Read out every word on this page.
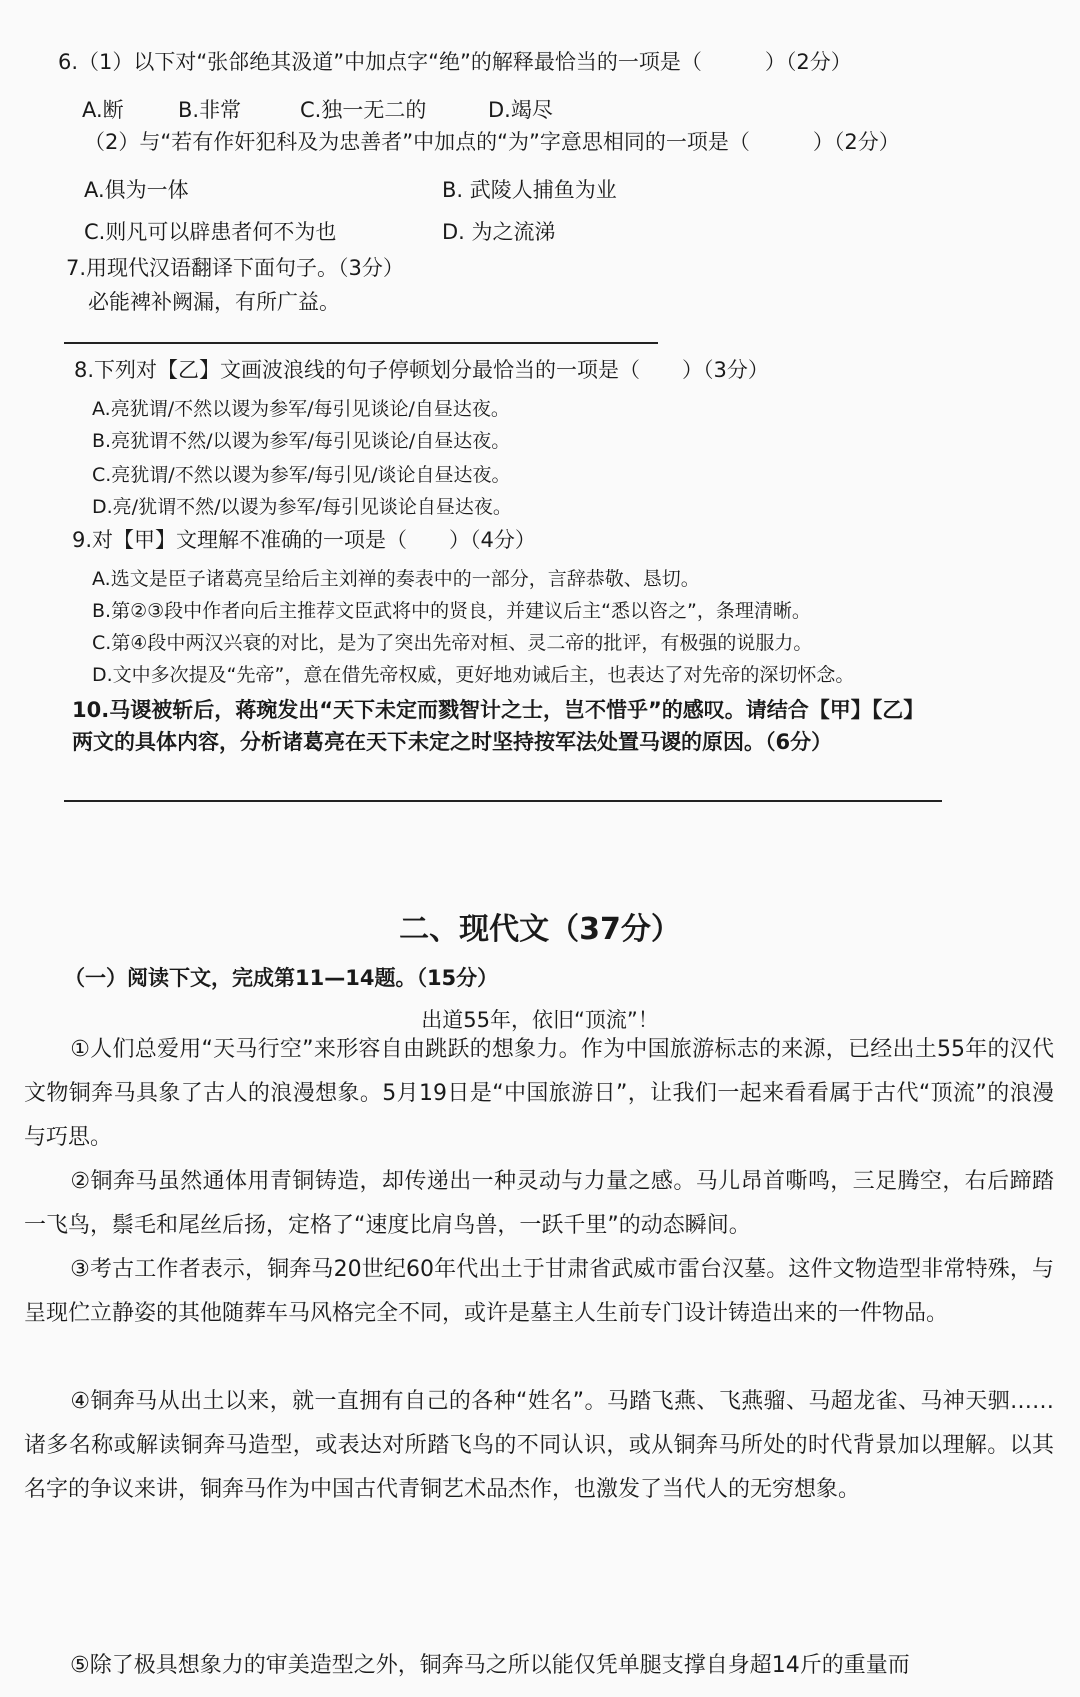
6.（1）以下对“张郃绝其汲道”中加点字“绝”的解释最恰当的一项是（　　　）（2分）
A.断	B.非常	C.独一无二的	D.竭尽
（2）与“若有作奸犯科及为忠善者”中加点的“为”字意思相同的一项是（　　　）（2分）
A.俱为一体	B. 武陵人捕鱼为业
C.则凡可以辟患者何不为也	D. 为之流涕
7.用现代汉语翻译下面句子。（3分）
必能裨补阙漏，有所广益。
8.下列对【乙】文画波浪线的句子停顿划分最恰当的一项是（　　）（3分）
A.亮犹谓/不然以谡为参军/每引见谈论/自昼达夜。
B.亮犹谓不然/以谡为参军/每引见谈论/自昼达夜。
C.亮犹谓/不然以谡为参军/每引见/谈论自昼达夜。
D.亮/犹谓不然/以谡为参军/每引见谈论自昼达夜。
9.对【甲】文理解不准确的一项是（　　）（4分）
A.选文是臣子诸葛亮呈给后主刘禅的奏表中的一部分，言辞恭敬、恳切。
B.第②③段中作者向后主推荐文臣武将中的贤良，并建议后主“悉以咨之”，条理清晰。
C.第④段中两汉兴衰的对比，是为了突出先帝对桓、灵二帝的批评，有极强的说服力。
D.文中多次提及“先帝”，意在借先帝权威，更好地劝诫后主，也表达了对先帝的深切怀念。
10.马谡被斩后，蒋琬发出“天下未定而戮智计之士，岂不惜乎”的感叹。请结合【甲】【乙】
两文的具体内容，分析诸葛亮在天下未定之时坚持按军法处置马谡的原因。（6分）
二、现代文（37分）
（一）阅读下文，完成第11—14题。（15分）
出道55年，依旧“顶流”！
①人们总爱用“天马行空”来形容自由跳跃的想象力。作为中国旅游标志的来源，已经出土55年的汉代文物铜奔马具象了古人的浪漫想象。5月19日是“中国旅游日”，让我们一起来看看属于古代“顶流”的浪漫与巧思。
②铜奔马虽然通体用青铜铸造，却传递出一种灵动与力量之感。马儿昂首嘶鸣，三足腾空，右后蹄踏一飞鸟，鬃毛和尾丝后扬，定格了“速度比肩鸟兽，一跃千里”的动态瞬间。
③考古工作者表示，铜奔马20世纪60年代出土于甘肃省武威市雷台汉墓。这件文物造型非常特殊，与呈现伫立静姿的其他随葬车马风格完全不同，或许是墓主人生前专门设计铸造出来的一件物品。
④铜奔马从出土以来，就一直拥有自己的各种“姓名”。马踏飞燕、飞燕骝、马超龙雀、马神天驷……诸多名称或解读铜奔马造型，或表达对所踏飞鸟的不同认识，或从铜奔马所处的时代背景加以理解。以其名字的争议来讲，铜奔马作为中国古代青铜艺术品杰作，也激发了当代人的无穷想象。
⑤除了极具想象力的审美造型之外，铜奔马之所以能仅凭单腿支撑自身超14斤的重量而
